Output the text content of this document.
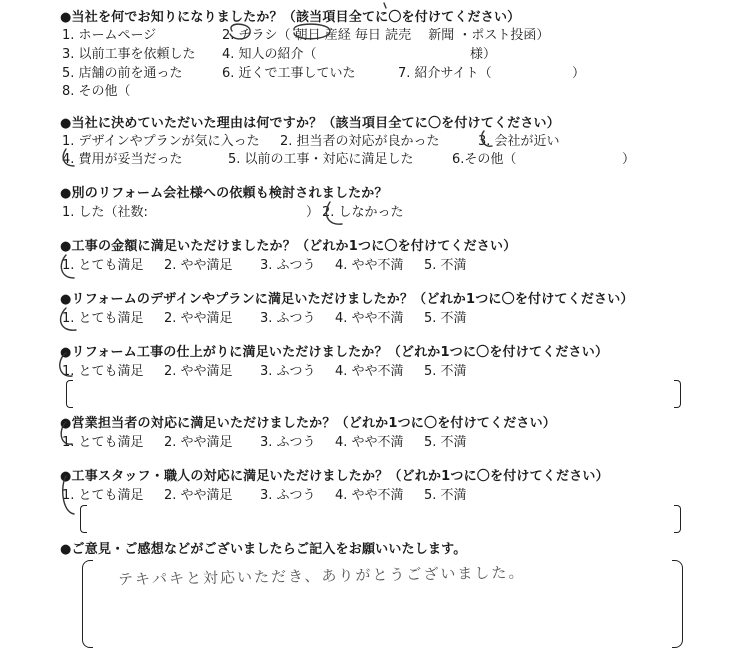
●当社を何でお知りになりましたか？（該当項目全てに〇を付けてください）
1. ホームページ	2. チラシ（ 朝日 産経 毎日 読売 　新聞 ・ポスト投函）
3. 以前工事を依頼した 4. 知人の紹介（	様）
5. 店舗の前を通った	6. 近くで工事していた	7. 紹介サイト（	）
8. その他（
●当社に決めていただいた理由は何ですか？（該当項目全てに〇を付けてください）
1. デザインやプランが気に入った 2. 担当者の対応が良かった	3. 会社が近い
4. 費用が妥当だった	5. 以前の工事・対応に満足した	6.その他（	）
●別のリフォーム会社様への依頼も検討されましたか？
1. した（社数:	） 2. しなかった
●工事の金額に満足いただけましたか？（どれか1つに〇を付けてください）
1. とても満足 2. やや満足 3. ふつう 4. やや不満 5. 不満
●リフォームのデザインやプランに満足いただけましたか？（どれか1つに〇を付けてください）
1. とても満足 2. やや満足 3. ふつう 4. やや不満 5. 不満
●リフォーム工事の仕上がりに満足いただけましたか？（どれか1つに〇を付けてください）
1. とても満足 2. やや満足 3. ふつう 4. やや不満 5. 不満
●営業担当者の対応に満足いただけましたか？（どれか1つに〇を付けてください）
1. とても満足 2. やや満足 3. ふつう 4. やや不満 5. 不満
●工事スタッフ・職人の対応に満足いただけましたか？（どれか1つに〇を付けてください）
1. とても満足 2. やや満足 3. ふつう 4. やや不満 5. 不満
●ご意見・ご感想などがございましたらご記入をお願いいたします。
テキパキと対応いただき、ありがとうございました。
